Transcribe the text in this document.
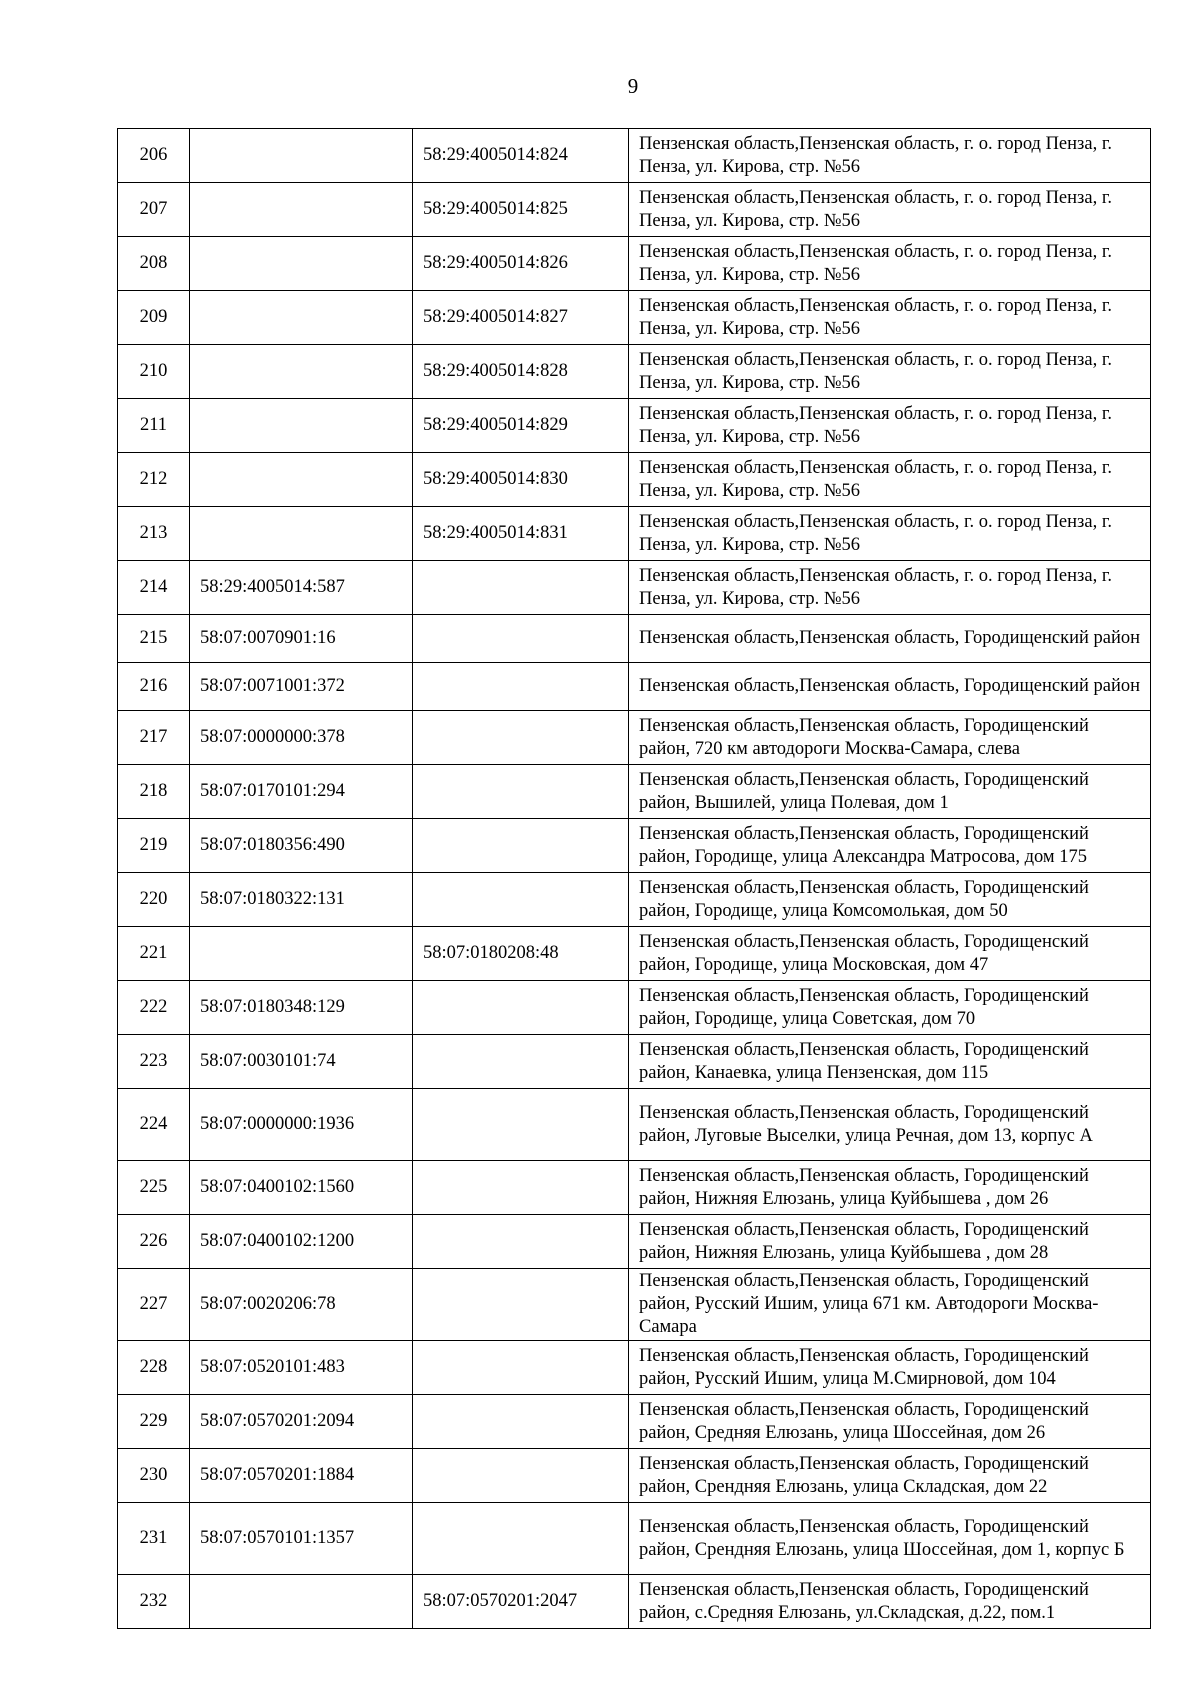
9
206		58:29:4005014:824	Пензенская область,Пензенская область, г. о. город Пенза, г. Пенза, ул. Кирова, стр. №56
207		58:29:4005014:825	Пензенская область,Пензенская область, г. о. город Пенза, г. Пенза, ул. Кирова, стр. №56
208		58:29:4005014:826	Пензенская область,Пензенская область, г. о. город Пенза, г. Пенза, ул. Кирова, стр. №56
209		58:29:4005014:827	Пензенская область,Пензенская область, г. о. город Пенза, г. Пенза, ул. Кирова, стр. №56
210		58:29:4005014:828	Пензенская область,Пензенская область, г. о. город Пенза, г. Пенза, ул. Кирова, стр. №56
211		58:29:4005014:829	Пензенская область,Пензенская область, г. о. город Пенза, г. Пенза, ул. Кирова, стр. №56
212		58:29:4005014:830	Пензенская область,Пензенская область, г. о. город Пенза, г. Пенза, ул. Кирова, стр. №56
213		58:29:4005014:831	Пензенская область,Пензенская область, г. о. город Пенза, г. Пенза, ул. Кирова, стр. №56
214	58:29:4005014:587		Пензенская область,Пензенская область, г. о. город Пенза, г. Пенза, ул. Кирова, стр. №56
215	58:07:0070901:16		Пензенская область,Пензенская область, Городищенский район
216	58:07:0071001:372		Пензенская область,Пензенская область, Городищенский район
217	58:07:0000000:378		Пензенская область,Пензенская область, Городищенский район, 720 км автодороги Москва-Самара, слева
218	58:07:0170101:294		Пензенская область,Пензенская область, Городищенский район, Вышилей, улица Полевая, дом 1
219	58:07:0180356:490		Пензенская область,Пензенская область, Городищенский район, Городище, улица Александра Матросова, дом 175
220	58:07:0180322:131		Пензенская область,Пензенская область, Городищенский район, Городище, улица Комсомолькая, дом 50
221		58:07:0180208:48	Пензенская область,Пензенская область, Городищенский район, Городище, улица Московская, дом 47
222	58:07:0180348:129		Пензенская область,Пензенская область, Городищенский район, Городище, улица Советская, дом 70
223	58:07:0030101:74		Пензенская область,Пензенская область, Городищенский район, Канаевка, улица Пензенская, дом 115
224	58:07:0000000:1936		Пензенская область,Пензенская область, Городищенский район, Луговые Выселки, улица Речная, дом 13, корпус А
225	58:07:0400102:1560		Пензенская область,Пензенская область, Городищенский район, Нижняя Елюзань, улица Куйбышева , дом 26
226	58:07:0400102:1200		Пензенская область,Пензенская область, Городищенский район, Нижняя Елюзань, улица Куйбышева , дом 28
227	58:07:0020206:78		Пензенская область,Пензенская область, Городищенский район, Русский Ишим, улица 671 км. Автодороги Москва-Самара
228	58:07:0520101:483		Пензенская область,Пензенская область, Городищенский район, Русский Ишим, улица М.Смирновой, дом 104
229	58:07:0570201:2094		Пензенская область,Пензенская область, Городищенский район, Средняя Елюзань, улица Шоссейная, дом 26
230	58:07:0570201:1884		Пензенская область,Пензенская область, Городищенский район, Срендняя Елюзань, улица Складская, дом 22
231	58:07:0570101:1357		Пензенская область,Пензенская область, Городищенский район, Срендняя Елюзань, улица Шоссейная, дом 1, корпус Б
232		58:07:0570201:2047	Пензенская область,Пензенская область, Городищенский район, с.Средняя Елюзань, ул.Складская, д.22, пом.1
